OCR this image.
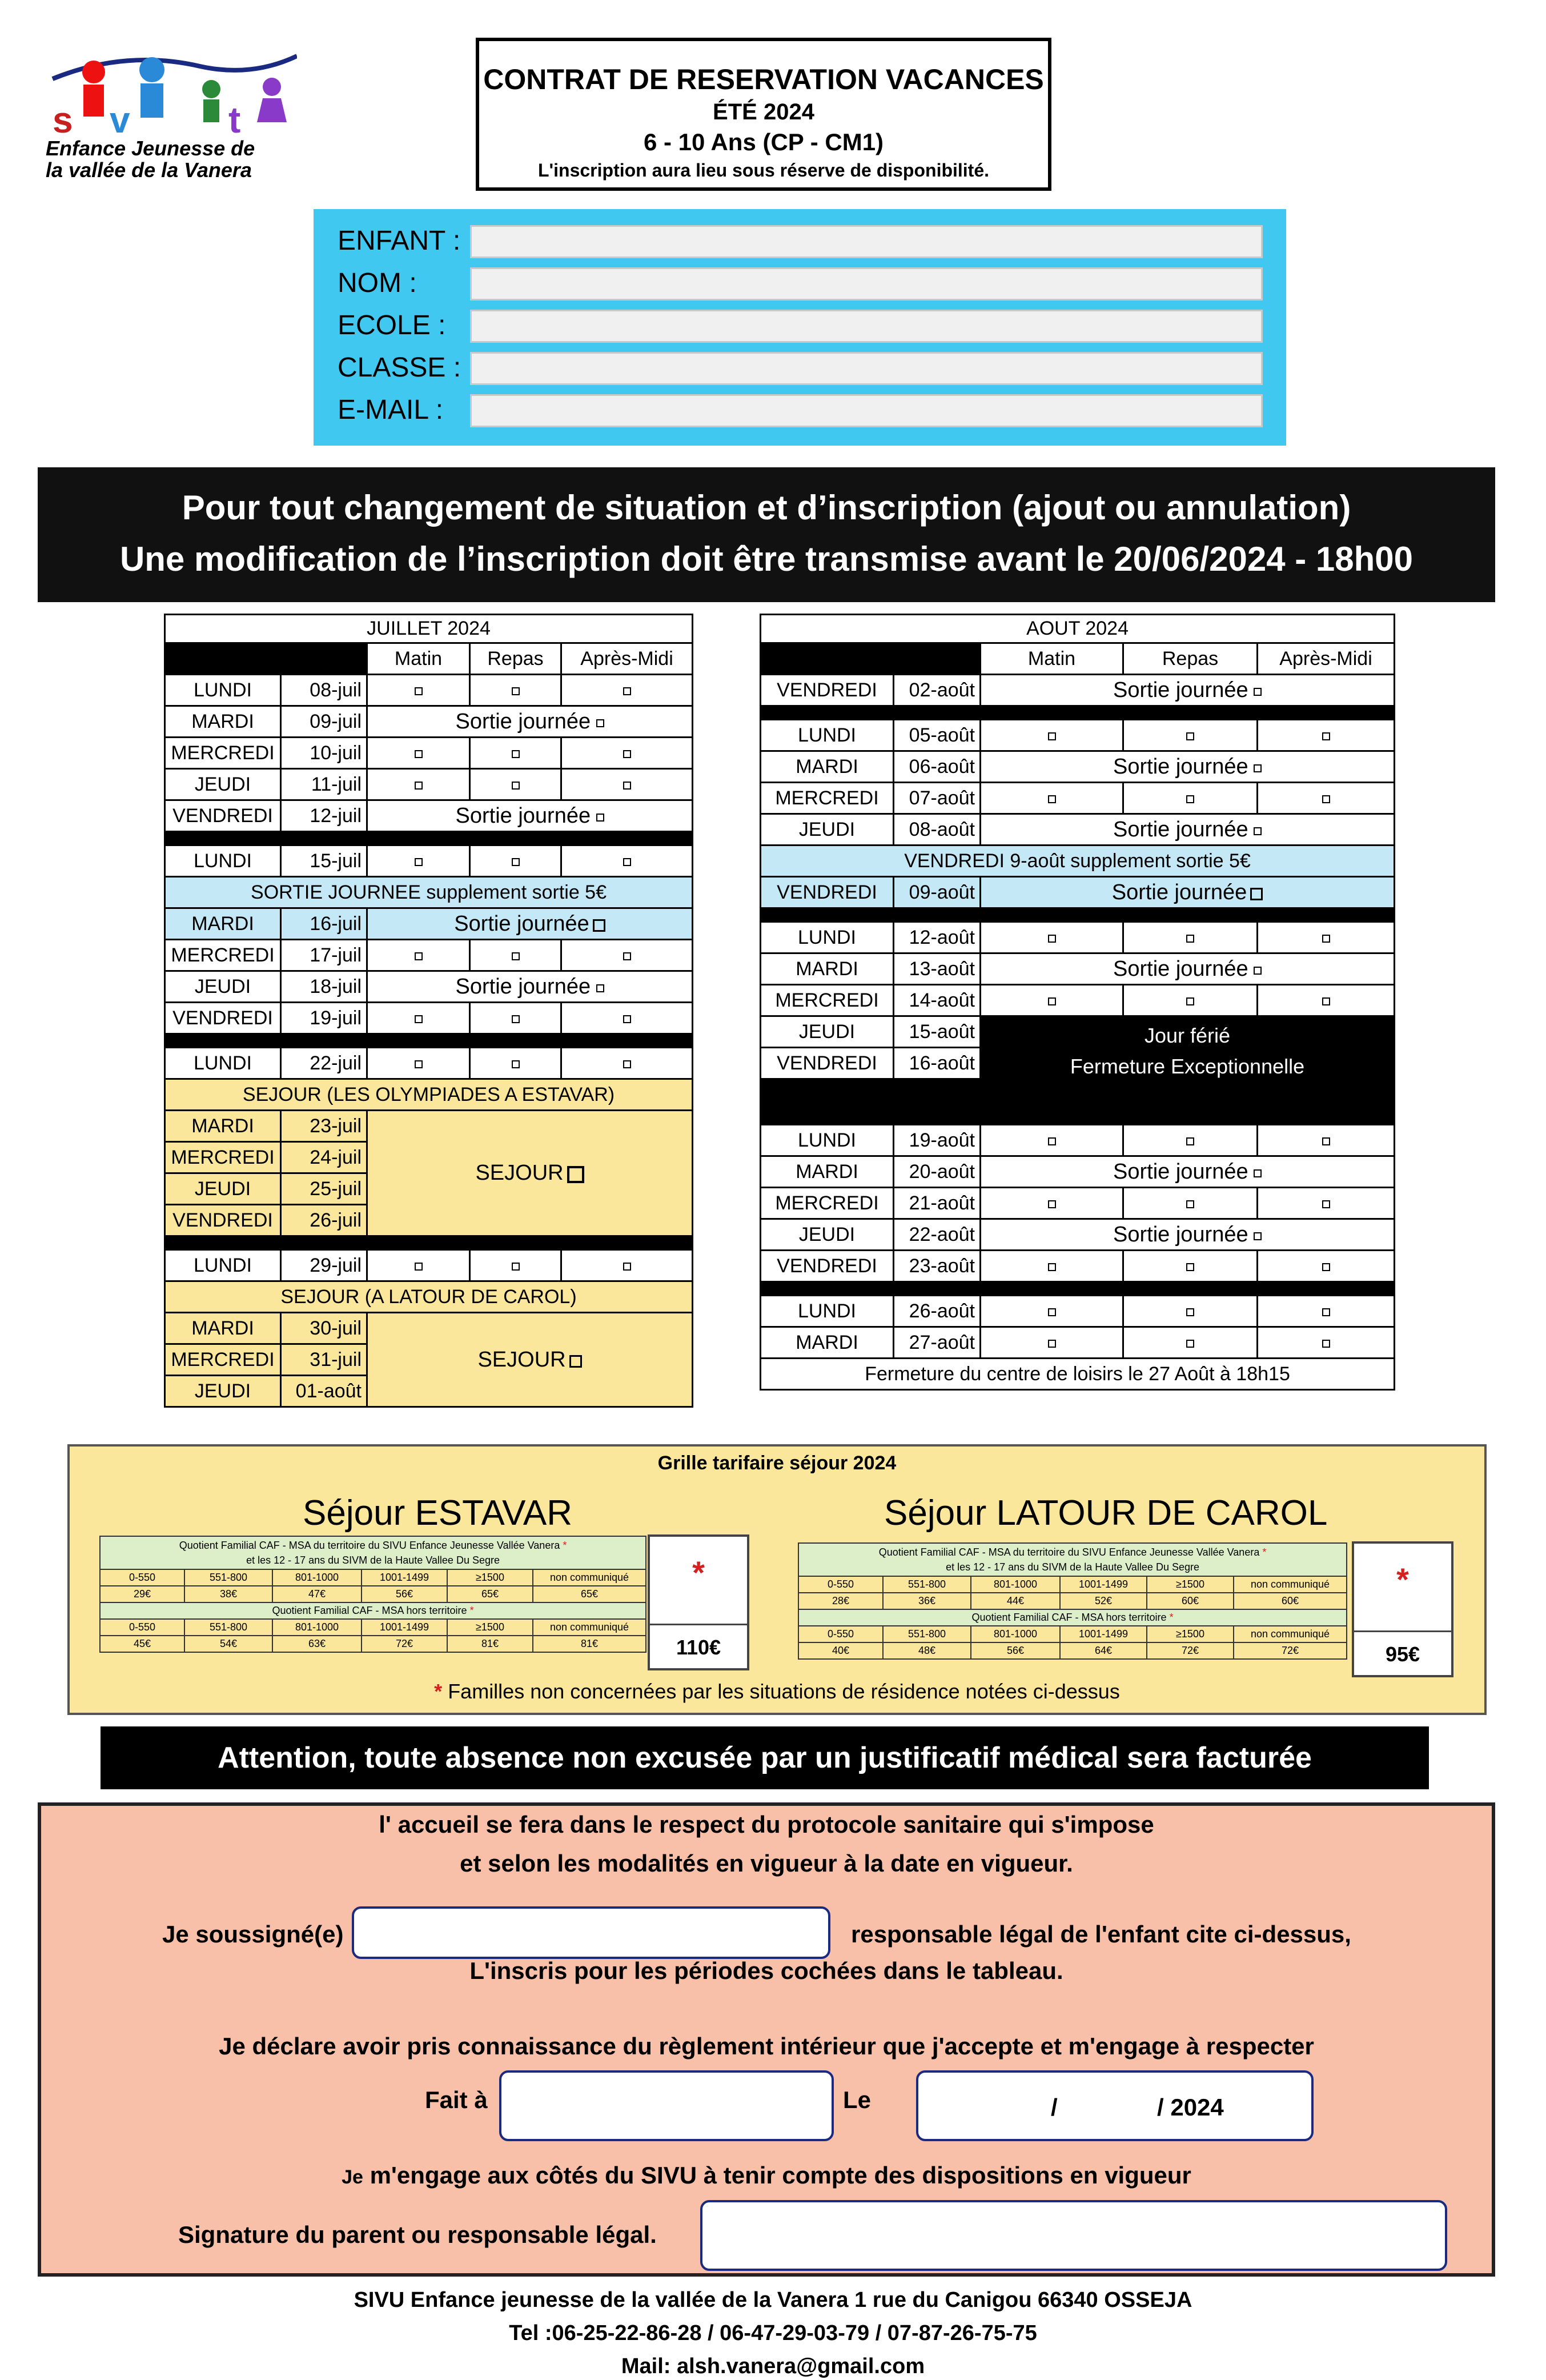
s v	t
Enfance Jeunesse de
la vallée de la Vanera
CONTRAT DE RESERVATION VACANCES
ÉTÉ 2024
6 - 10 Ans (CP - CM1)
L'inscription aura lieu sous réserve de disponibilité.
ENFANT :
NOM :
ECOLE :
CLASSE :
E-MAIL :
Pour tout changement de situation et d’inscription (ajout ou annulation)
Une modification de l’inscription doit être transmise avant le 20/06/2024 - 18h00
JUILLET 2024				
		Matin	Repas	Après-Midi
LUNDI	08-juil			
MARDI	09-juil	Sortie journée		
MERCREDI	10-juil			
JEUDI	11-juil			
VENDREDI	12-juil	Sortie journée		

LUNDI	15-juil			
SORTIE JOURNEE supplement sortie 5€				
MARDI	16-juil	Sortie journée		
MERCREDI	17-juil			
JEUDI	18-juil	Sortie journée		
VENDREDI	19-juil			

LUNDI	22-juil			
SEJOUR (LES OLYMPIADES A ESTAVAR)				
MARDI	23-juil	SEJOUR		
MERCREDI	24-juil			
JEUDI	25-juil			
VENDREDI	26-juil			

LUNDI	29-juil			
SEJOUR (A LATOUR DE CAROL)				
MARDI	30-juil	SEJOUR		
MERCREDI	31-juil			
JEUDI	01-août			
AOUT 2024				
		Matin	Repas	Après-Midi
VENDREDI	02-août	Sortie journée		

LUNDI	05-août			
MARDI	06-août	Sortie journée		
MERCREDI	07-août			
JEUDI	08-août	Sortie journée		
VENDREDI 9-août supplement sortie 5€				
VENDREDI	09-août	Sortie journée		

LUNDI	12-août			
MARDI	13-août	Sortie journée		
MERCREDI	14-août			
JEUDI	15-août	Jour férié
Fermeture Exceptionnelle		

VENDREDI	16-août			

LUNDI	19-août			
MARDI	20-août	Sortie journée		
MERCREDI	21-août			
JEUDI	22-août	Sortie journée		
VENDREDI	23-août			

LUNDI	26-août			
MARDI	27-août			
Fermeture du centre de loisirs le 27 Août à 18h15				
Grille tarifaire séjour 2024
Séjour ESTAVAR
Quotient Familial CAF - MSA du territoire du SIVU Enfance Jeunesse Vallée Vanera *
et les 12 - 17 ans du SIVM de la Haute Vallee Du Segre					
0-550	551-800	801-1000	1001-1499	≥1500	non communiqué
29€	38€	47€	56€	65€	65€
Quotient Familial CAF - MSA hors territoire *					
0-550	551-800	801-1000	1001-1499	≥1500	non communiqué
45€	54€	63€	72€	81€	81€
*
110€
Séjour LATOUR DE CAROL
Quotient Familial CAF - MSA du territoire du SIVU Enfance Jeunesse Vallée Vanera *
et les 12 - 17 ans du SIVM de la Haute Vallee Du Segre					
0-550	551-800	801-1000	1001-1499	≥1500	non communiqué
28€	36€	44€	52€	60€	60€
Quotient Familial CAF - MSA hors territoire *					
0-550	551-800	801-1000	1001-1499	≥1500	non communiqué
40€	48€	56€	64€	72€	72€
*
95€
* Familles non concernées par les situations de résidence notées ci-dessus
Attention, toute absence non excusée par un justificatif médical sera facturée
l' accueil se fera dans le respect du protocole sanitaire qui s'impose
et selon les modalités en vigueur à la date en vigueur.
Je soussigné(e)	responsable légal de l'enfant cite ci-dessus,
L'inscris pour les périodes cochées dans le tableau.
Je déclare avoir pris connaissance du règlement intérieur que j'accepte et m'engage à respecter
Fait à	Le	/	/ 2024
Je m'engage aux côtés du SIVU à tenir compte des dispositions en vigueur
Signature du parent ou responsable légal.
SIVU Enfance jeunesse de la vallée de la Vanera 1 rue du Canigou 66340 OSSEJA
Tel :06-25-22-86-28 / 06-47-29-03-79 / 07-87-26-75-75
Mail: alsh.vanera@gmail.com
